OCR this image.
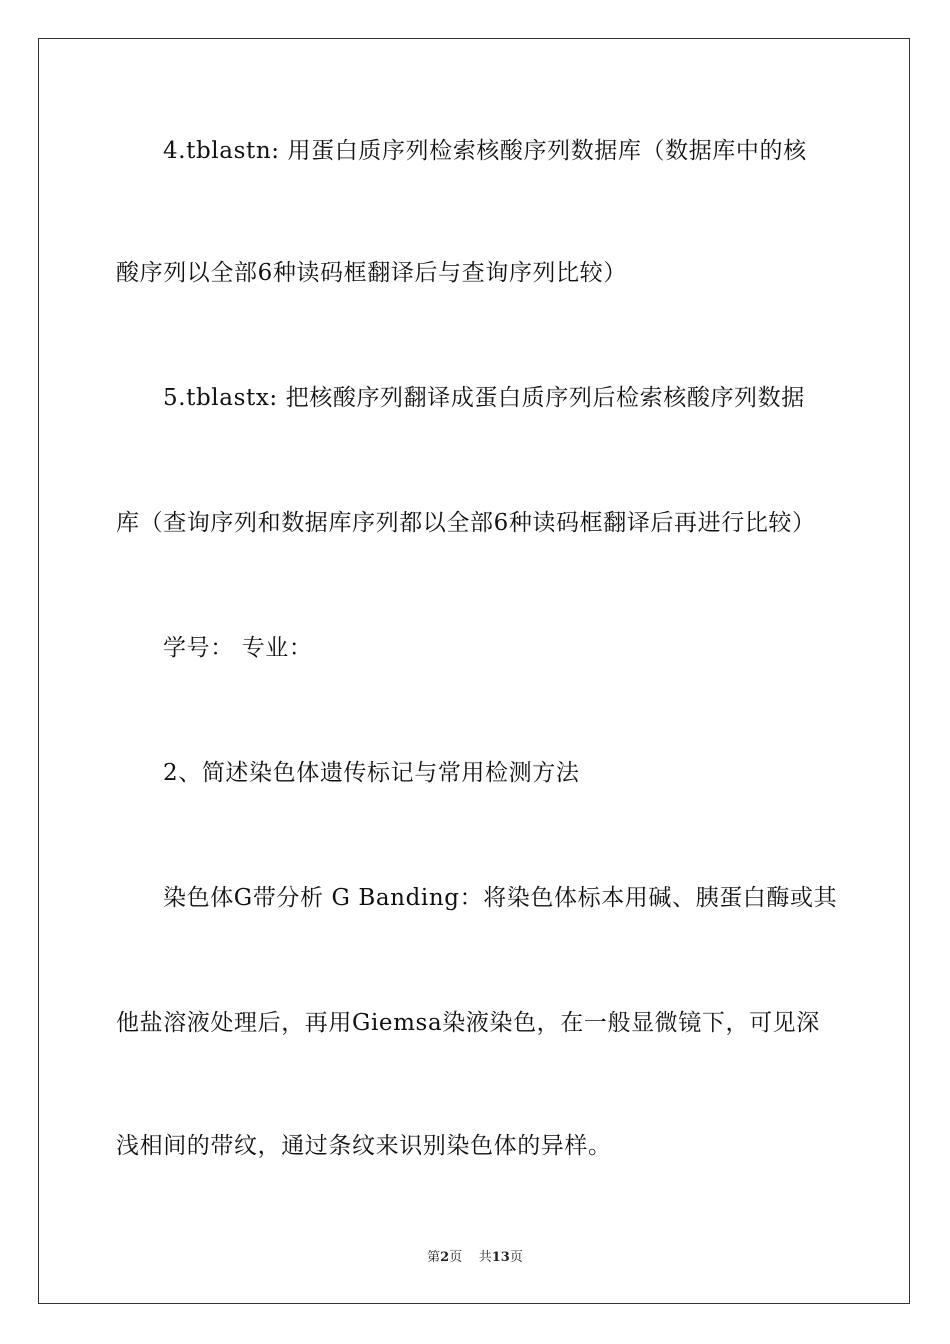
4.tblastn: 用蛋白质序列检索核酸序列数据库（数据库中的核
酸序列以全部6种读码框翻译后与查询序列比较）
5.tblastx: 把核酸序列翻译成蛋白质序列后检索核酸序列数据
库（查询序列和数据库序列都以全部6种读码框翻译后再进行比较）
学号： 专业：
2、简述染色体遗传标记与常用检测方法
染色体G带分析 G Banding：将染色体标本用碱、胰蛋白酶或其
他盐溶液处理后，再用Giemsa染液染色，在一般显微镜下，可见深
浅相间的带纹，通过条纹来识别染色体的异样。
第2页 共13页
